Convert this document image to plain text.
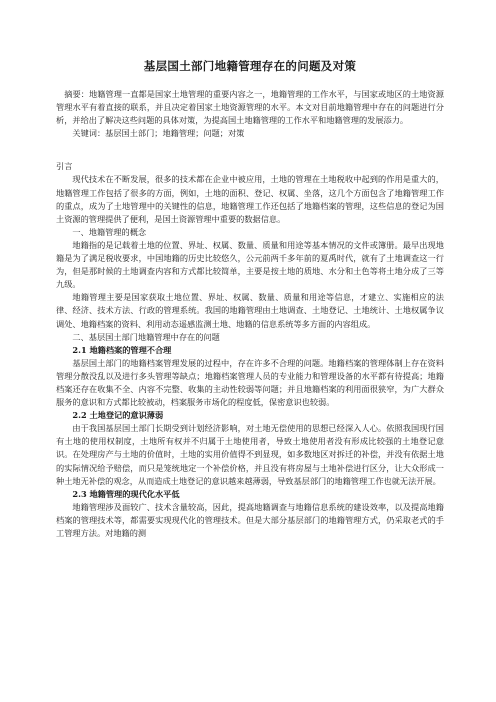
基层国土部门地籍管理存在的问题及对策

摘要：地籍管理一直都是国家土地管理的重要内容之一，地籍管理的工作水平，与国家或地区的土地资源管理水平有着直接的联系，并且决定着国家土地资源管理的水平。本文对目前地籍管理中存在的问题进行分析，并给出了解决这些问题的具体对策，为提高国土地籍管理的工作水平和地籍管理的发展添力。

关键词：基层国土部门；地籍管理；问题；对策

引言

现代技术在不断发展，很多的技术都在企业中被应用，土地的管理在土地税收中起到的作用是重大的，地籍管理工作包括了很多的方面，例如，土地的面积、登记、权属、坐落，这几个方面包含了地籍管理工作的重点，成为了土地管理中的关键性的信息，地籍管理工作还包括了地籍档案的管理，这些信息的登记为国土资源的管理提供了便利，是国土资源管理中重要的数据信息。

一、地籍管理的概念

地籍指的是记载着土地的位置、界址、权属、数量、质量和用途等基本情况的文件或簿册。最早出现地籍是为了满足税收要求，中国地籍的历史比较悠久，公元前两千多年前的夏禹时代，就有了土地调查这一行为，但是那时候的土地调查内容和方式都比较简单，主要是按土地的质地、水分和土色等将土地分成了三等九级。

地籍管理主要是国家获取土地位置、界址、权属、数量、质量和用途等信息，才建立、实施相应的法律、经济、技术方法、行政的管理系统。我国的地籍管理由土地调查、土地登记、土地统计、土地权属争议调处、地籍档案的资料、利用动态遥感监测土地、地籍的信息系统等多方面的内容组成。

二、基层国土部门地籍管理中存在的问题

2.1 地籍档案的管理不合理

基层国土部门的地籍档案管理发展的过程中，存在许多不合理的问题。地籍档案的管理体制上存在资料管理分散没乱以及进行多头管理等缺点；地籍档案管理人员的专业能力和管理设备的水平都有待提高；地籍档案还存在收集不全、内容不完整、收集的主动性较弱等问题；并且地籍档案的利用面很狭窄，为广大群众服务的意识和方式都比较被动，档案服务市场化的程度低，保密意识也较弱。

2.2 土地登记的意识薄弱

由于我国基层国土部门长期受到计划经济影响，对土地无偿使用的思想已经深入人心。依照我国现行国有土地的使用权制度，土地所有权并不归属于土地使用者，导致土地使用者没有形成比较强的土地登记意识。在处理房产与土地的价值时，土地的实用价值得不到显现，如多数地区对拆迁的补偿，并没有依据土地的实际情况给予赔偿，而只是笼统地定一个补偿价格，并且没有将房屋与土地补偿进行区分，让大众形成一种土地无补偿的观念，从而造成土地登记的意识越来越薄弱，导致基层部门的地籍管理工作也就无法开展。

2.3 地籍管理的现代化水平低

地籍管理涉及面较广、技术含量较高，因此，提高地籍调查与地籍信息系统的建设效率，以及提高地籍档案的管理技术等，都需要实现现代化的管理技术。但是大部分基层部门的地籍管理方式，仍采取老式的手工管理方法。对地籍的测
